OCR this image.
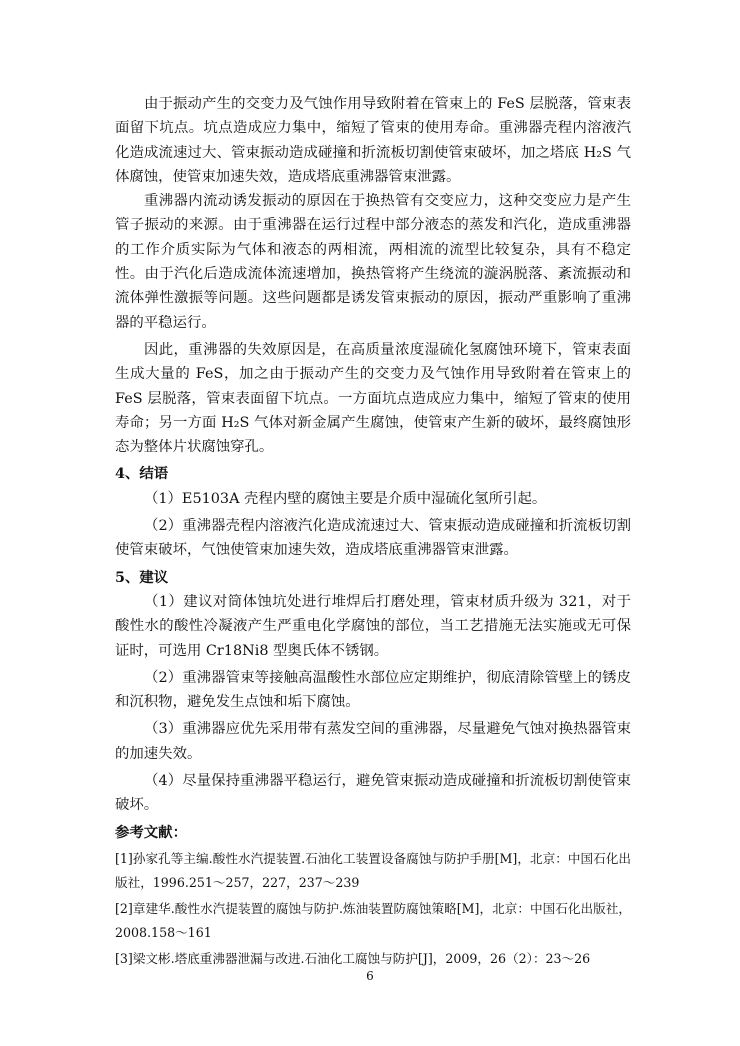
由于振动产生的交变力及气蚀作用导致附着在管束上的 FeS 层脱落，管束表面留下坑点。坑点造成应力集中，缩短了管束的使用寿命。重沸器壳程内溶液汽化造成流速过大、管束振动造成碰撞和折流板切割使管束破坏，加之塔底 H₂S 气体腐蚀，使管束加速失效，造成塔底重沸器管束泄露。

重沸器内流动诱发振动的原因在于换热管有交变应力，这种交变应力是产生管子振动的来源。由于重沸器在运行过程中部分液态的蒸发和汽化，造成重沸器的工作介质实际为气体和液态的两相流，两相流的流型比较复杂，具有不稳定性。由于汽化后造成流体流速增加，换热管将产生绕流的漩涡脱落、紊流振动和流体弹性激振等问题。这些问题都是诱发管束振动的原因，振动严重影响了重沸器的平稳运行。

因此，重沸器的失效原因是，在高质量浓度湿硫化氢腐蚀环境下，管束表面生成大量的 FeS，加之由于振动产生的交变力及气蚀作用导致附着在管束上的 FeS 层脱落，管束表面留下坑点。一方面坑点造成应力集中，缩短了管束的使用寿命；另一方面 H₂S 气体对新金属产生腐蚀，使管束产生新的破坏，最终腐蚀形态为整体片状腐蚀穿孔。

4、结语

（1）E5103A 壳程内壁的腐蚀主要是介质中湿硫化氢所引起。

（2）重沸器壳程内溶液汽化造成流速过大、管束振动造成碰撞和折流板切割使管束破坏，气蚀使管束加速失效，造成塔底重沸器管束泄露。

5、建议

（1）建议对筒体蚀坑处进行堆焊后打磨处理，管束材质升级为 321，对于酸性水的酸性冷凝液产生严重电化学腐蚀的部位，当工艺措施无法实施或无可保证时，可选用 Cr18Ni8 型奥氏体不锈钢。

（2）重沸器管束等接触高温酸性水部位应定期维护，彻底清除管壁上的锈皮和沉积物，避免发生点蚀和垢下腐蚀。

（3）重沸器应优先采用带有蒸发空间的重沸器，尽量避免气蚀对换热器管束的加速失效。

（4）尽量保持重沸器平稳运行，避免管束振动造成碰撞和折流板切割使管束破坏。

参考文献：

[1]孙家孔等主编.酸性水汽提装置.石油化工装置设备腐蚀与防护手册[M]，北京：中国石化出版社，1996.251～257，227，237～239

[2]章建华.酸性水汽提装置的腐蚀与防护.炼油装置防腐蚀策略[M]，北京：中国石化出版社，2008.158～161

[3]梁文彬.塔底重沸器泄漏与改进.石油化工腐蚀与防护[J]，2009，26（2）：23～26

6
